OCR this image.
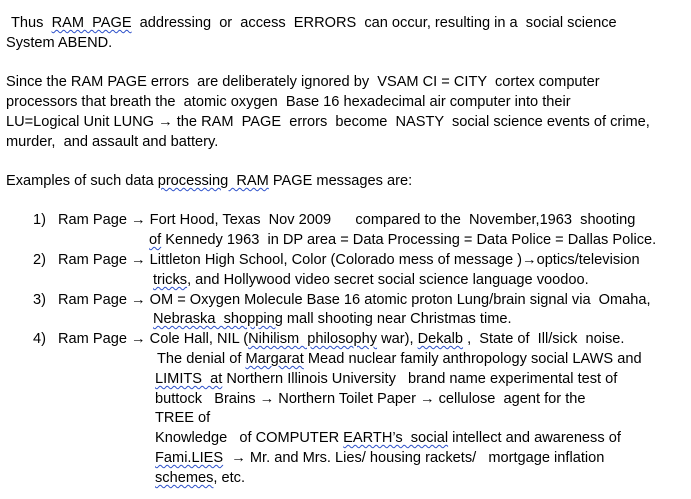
Thus  RAM  PAGE  addressing  or  access  ERRORS  can occur, resulting in a  social science
System ABEND.
Since the RAM PAGE errors  are deliberately ignored by  VSAM CI = CITY  cortex computer
processors that breath the  atomic oxygen  Base 16 hexadecimal air computer into their
LU=Logical Unit LUNG → the RAM  PAGE  errors  become  NASTY  social science events of crime,
murder,  and assault and battery.
Examples of such data processing  RAM PAGE messages are:
1) Ram Page → Fort Hood, Texas  Nov 2009      compared to the  November,1963  shooting
of Kennedy 1963  in DP area = Data Processing = Data Police = Dallas Police.
2) Ram Page → Littleton High School, Color (Colorado mess of message )→optics/television
tricks, and Hollywood video secret social science language voodoo.
3) Ram Page → OM = Oxygen Molecule Base 16 atomic proton Lung/brain signal via  Omaha,
Nebraska  shopping mall shooting near Christmas time.
4) Ram Page → Cole Hall, NIL (Nihilism  philosophy war), Dekalb ,  State of  Ill/sick  noise.
The denial of Margarat Mead nuclear family anthropology social LAWS and
LIMITS  at Northern Illinois University   brand name experimental test of
buttock   Brains → Northern Toilet Paper → cellulose  agent for the
TREE of
Knowledge   of COMPUTER EARTH’s  social intellect and awareness of
Fami.LIES → Mr. and Mrs. Lies/ housing rackets/   mortgage inflation
schemes, etc.
